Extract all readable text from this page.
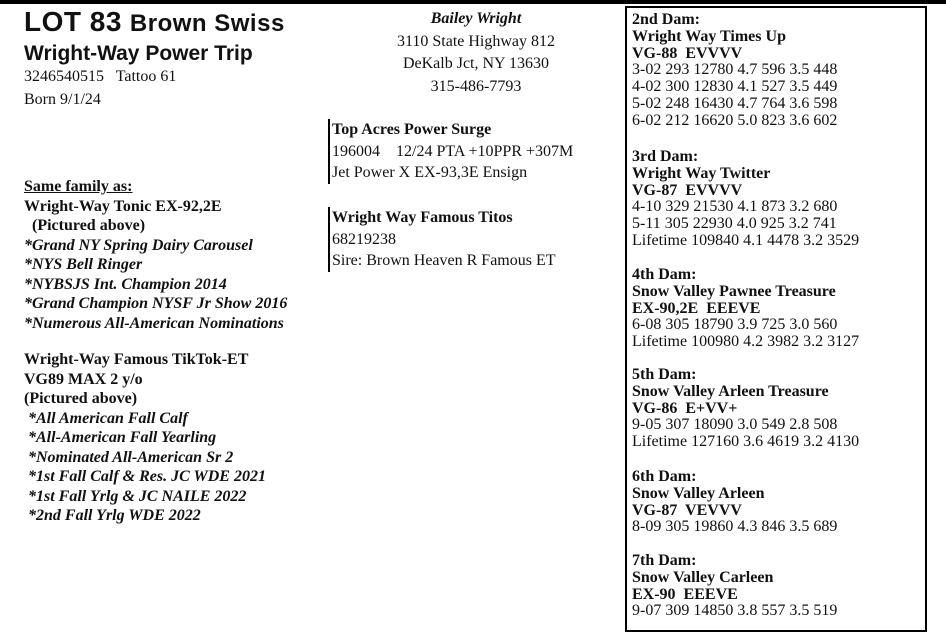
LOT 83 Brown Swiss
Wright-Way Power Trip
3246540515   Tattoo 61
Born 9/1/24
Bailey Wright
3110 State Highway 812
DeKalb Jct, NY 13630
315-486-7793
Top Acres Power Surge
196004    12/24 PTA +10PPR +307M
Jet Power X EX-93,3E Ensign
Wright Way Famous Titos
68219238
Sire: Brown Heaven R Famous ET
Same family as:
Wright-Way Tonic EX-92,2E
(Pictured above)
*Grand NY Spring Dairy Carousel
*NYS Bell Ringer
*NYBSJS Int. Champion 2014
*Grand Champion NYSF Jr Show 2016
*Numerous All-American Nominations
Wright-Way Famous TikTok-ET
VG89 MAX 2 y/o
(Pictured above)
*All American Fall Calf
*All-American Fall Yearling
*Nominated All-American Sr 2
*1st Fall Calf & Res. JC WDE 2021
*1st Fall Yrlg & JC NAILE 2022
*2nd Fall Yrlg WDE 2022
2nd Dam:
Wright Way Times Up
VG-88  EVVVV
3-02 293 12780 4.7 596 3.5 448
4-02 300 12830 4.1 527 3.5 449
5-02 248 16430 4.7 764 3.6 598
6-02 212 16620 5.0 823 3.6 602
3rd Dam:
Wright Way Twitter
VG-87  EVVVV
4-10 329 21530 4.1 873 3.2 680
5-11 305 22930 4.0 925 3.2 741
Lifetime 109840 4.1 4478 3.2 3529
4th Dam:
Snow Valley Pawnee Treasure
EX-90,2E  EEEVE
6-08 305 18790 3.9 725 3.0 560
Lifetime 100980 4.2 3982 3.2 3127
5th Dam:
Snow Valley Arleen Treasure
VG-86  E+VV+
9-05 307 18090 3.0 549 2.8 508
Lifetime 127160 3.6 4619 3.2 4130
6th Dam:
Snow Valley Arleen
VG-87  VEVVV
8-09 305 19860 4.3 846 3.5 689
7th Dam:
Snow Valley Carleen
EX-90  EEEVE
9-07 309 14850 3.8 557 3.5 519
